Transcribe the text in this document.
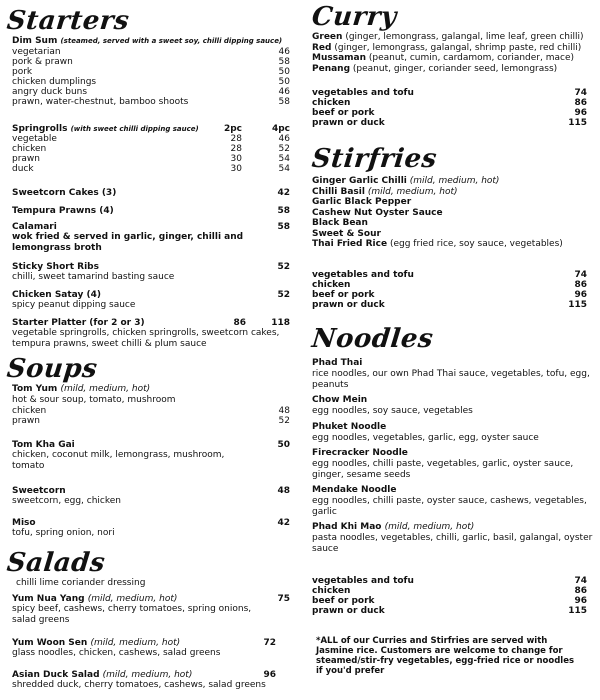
Starters
Dim Sum (steamed, served with a sweet soy, chilli dipping sauce)
vegetarian	46
pork & prawn	58
pork	50
chicken dumplings	50
angry duck buns	46
prawn, water-chestnut, bamboo shoots	58
Springrolls (with sweet chilli dipping sauce)	2pc	4pc
vegetable	28	46
chicken	28	52
prawn	30	54
duck	30	54
Sweetcorn Cakes (3)	42
Tempura Prawns (4)	58
Calamari	58
wok fried & served in garlic, ginger, chilli and lemongrass broth
Sticky Short Ribs	52
chilli, sweet tamarind basting sauce
Chicken Satay (4)	52
spicy peanut dipping sauce
Starter Platter (for 2 or 3)	86	118
vegetable springrolls, chicken springrolls, sweetcorn cakes, tempura prawns, sweet chilli & plum sauce
Soups
Tom Yum (mild, medium, hot)
hot & sour soup, tomato, mushroom
chicken	48
prawn	52
Tom Kha Gai	50
chicken, coconut milk, lemongrass, mushroom, tomato
Sweetcorn	48
sweetcorn, egg, chicken
Miso	42
tofu, spring onion, nori
Salads
chilli lime coriander dressing
Yum Nua Yang (mild, medium, hot)	75
spicy beef, cashews, cherry tomatoes, spring onions, salad greens
Yum Woon Sen (mild, medium, hot)	72
glass noodles, chicken, cashews, salad greens
Asian Duck Salad (mild, medium, hot)	96
shredded duck, cherry tomatoes, cashews, salad greens
Curry
Green (ginger, lemongrass, galangal, lime leaf, green chilli)
Red (ginger, lemongrass, galangal, shrimp paste, red chilli)
Mussaman (peanut, cumin, cardamom, coriander, mace)
Penang (peanut, ginger, coriander seed, lemongrass)
vegetables and tofu	74
chicken	86
beef or pork	96
prawn or duck	115
Stirfries
Ginger Garlic Chilli (mild, medium, hot)
Chilli Basil (mild, medium, hot)
Garlic Black Pepper
Cashew Nut Oyster Sauce
Black Bean
Sweet & Sour
Thai Fried Rice (egg fried rice, soy sauce, vegetables)
vegetables and tofu	74
chicken	86
beef or pork	96
prawn or duck	115
Noodles
Phad Thai
rice noodles, our own Phad Thai sauce, vegetables, tofu, egg, peanuts
Chow Mein
egg noodles, soy sauce, vegetables
Phuket Noodle
egg noodles, vegetables, garlic, egg, oyster sauce
Firecracker Noodle
egg noodles, chilli paste, vegetables, garlic, oyster sauce, ginger, sesame seeds
Mendake Noodle
egg noodles, chilli paste, oyster sauce, cashews, vegetables, garlic
Phad Khi Mao (mild, medium, hot)
pasta noodles, vegetables, chilli, garlic, basil, galangal, oyster sauce
vegetables and tofu	74
chicken	86
beef or pork	96
prawn or duck	115
*ALL of our Curries and Stirfries are served with Jasmine rice. Customers are welcome to change for steamed/stir-fry vegetables, egg-fried rice or noodles if you'd prefer
